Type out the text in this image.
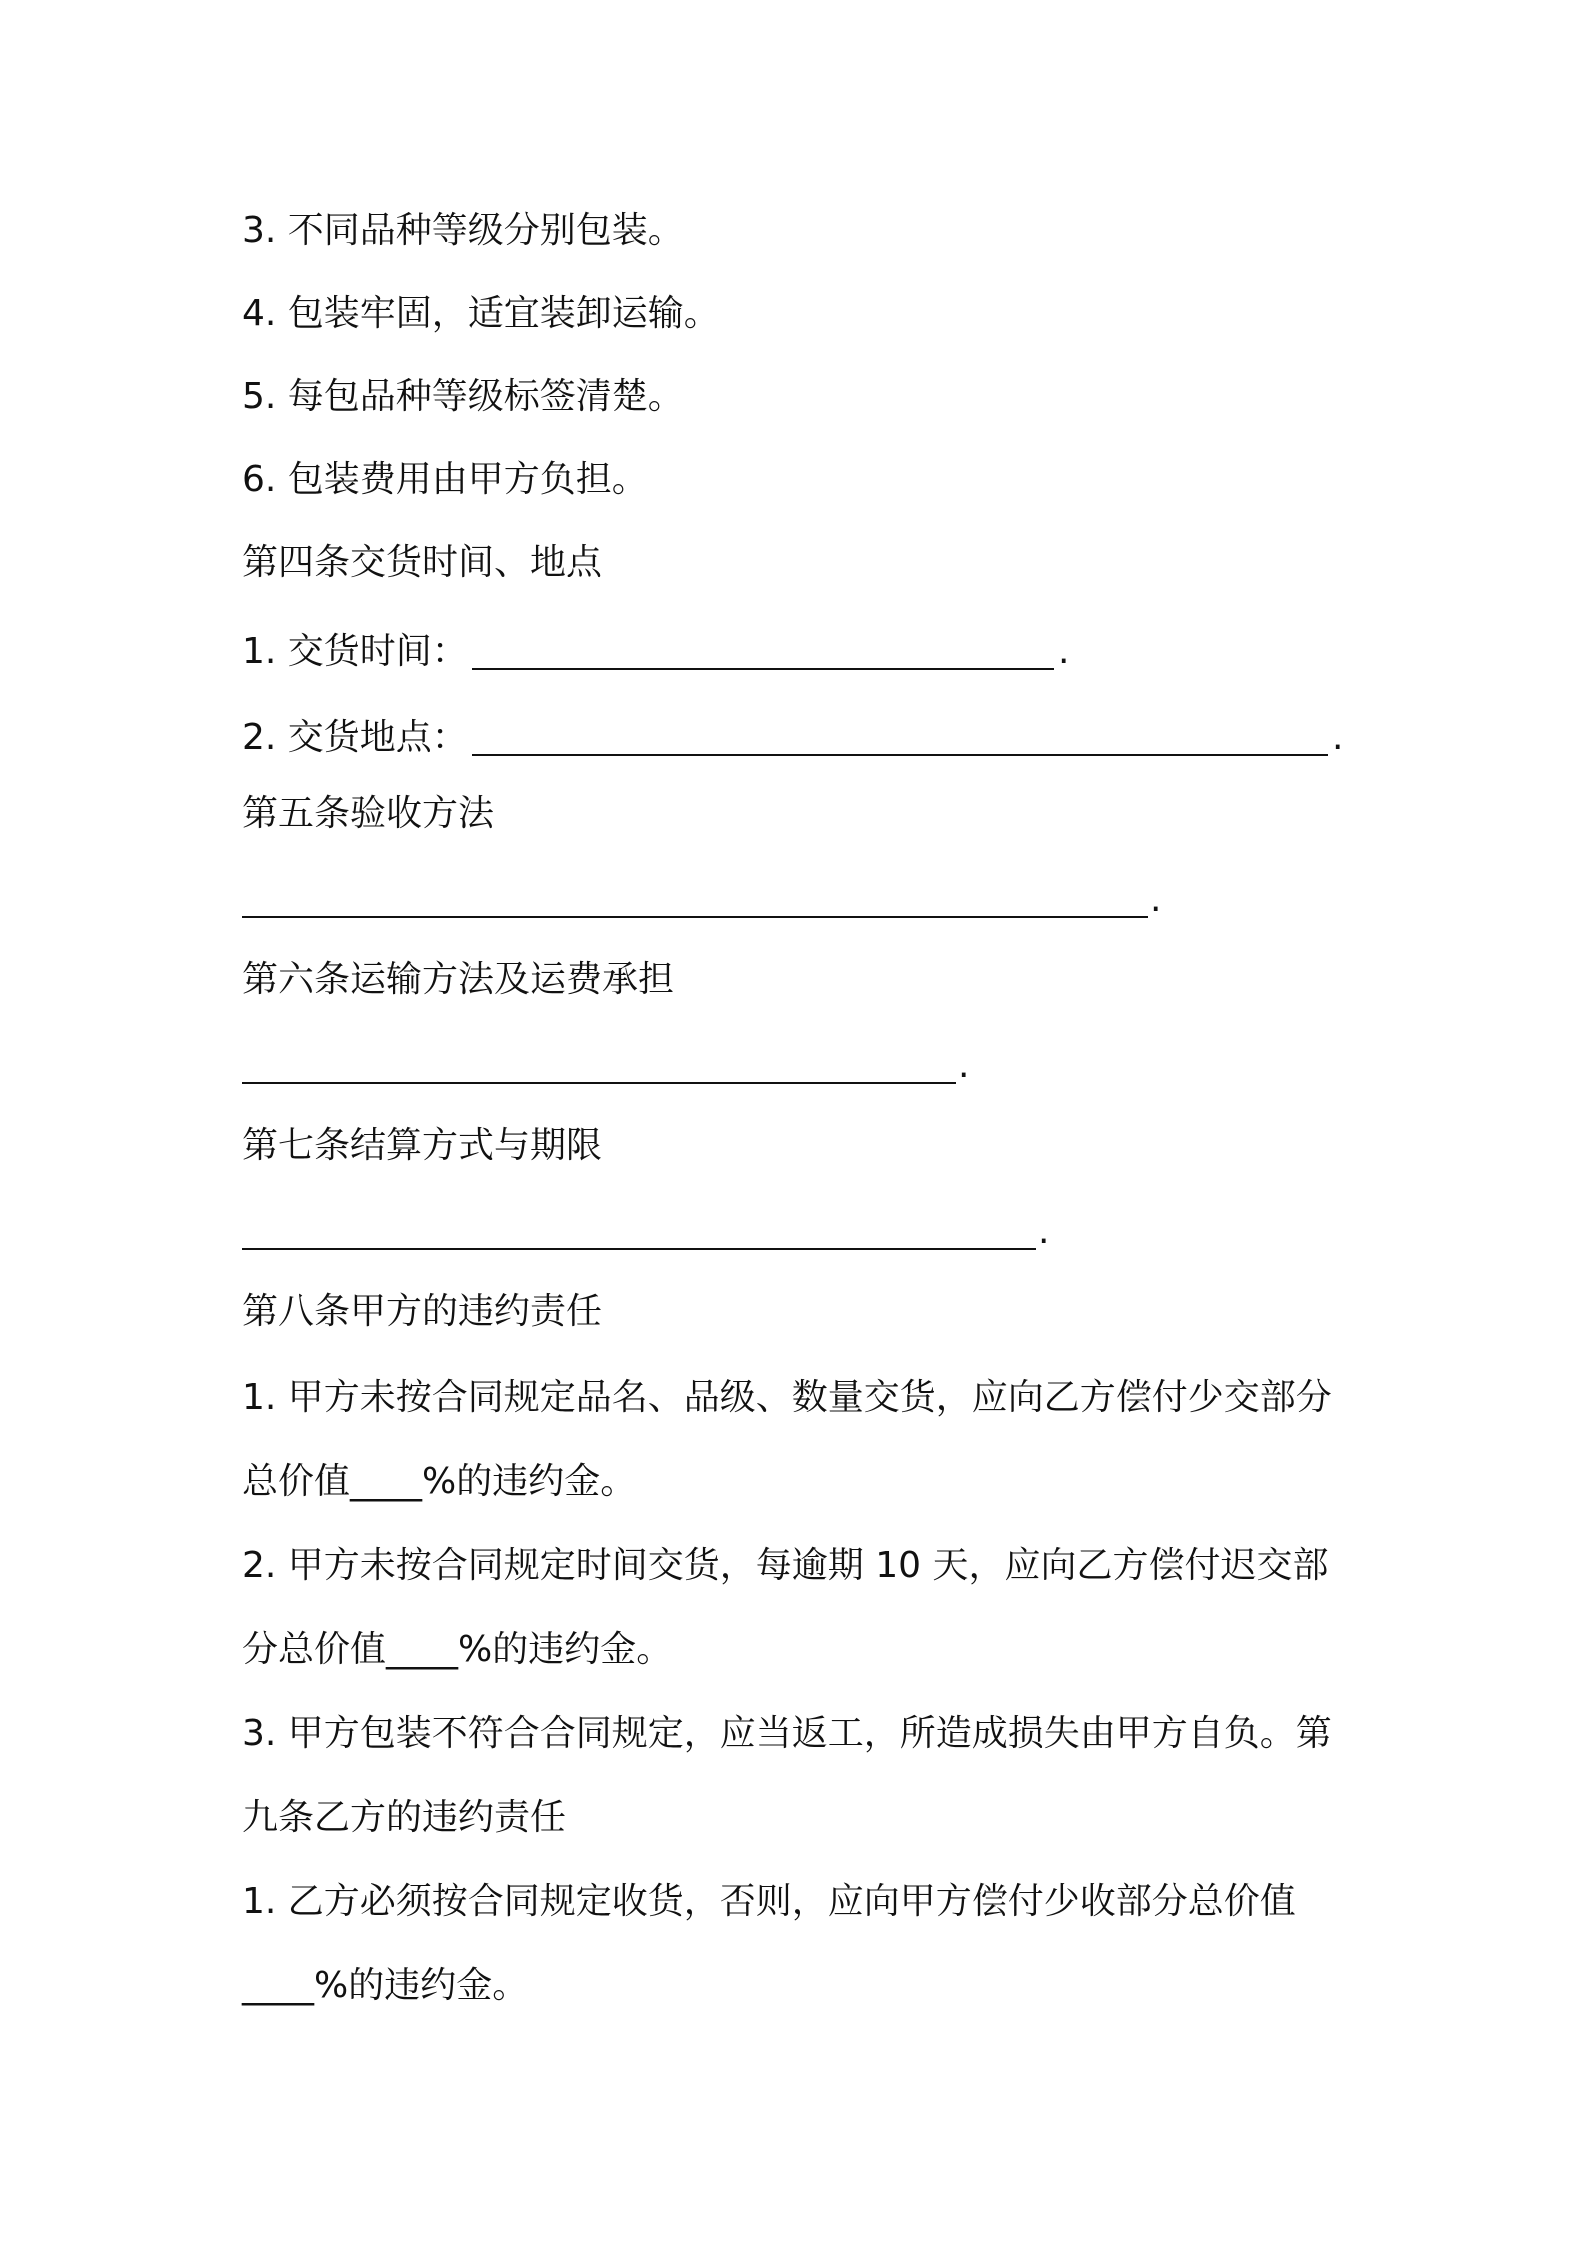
3. 不同品种等级分别包装。

4. 包装牢固，适宜装卸运输。

5. 每包品种等级标签清楚。

6. 包装费用由甲方负担。

第四条交货时间、地点

1. 交货时间：	.

2. 交货地点：	.

第五条验收方法

.

第六条运输方法及运费承担

.

第七条结算方式与期限

.

第八条甲方的违约责任

1. 甲方未按合同规定品名、品级、数量交货，应向乙方偿付少交部分

总价值____%的违约金。

2. 甲方未按合同规定时间交货，每逾期 10 天，应向乙方偿付迟交部

分总价值____%的违约金。

3. 甲方包装不符合合同规定，应当返工，所造成损失由甲方自负。第

九条乙方的违约责任

1. 乙方必须按合同规定收货，否则，应向甲方偿付少收部分总价值

____%的违约金。
